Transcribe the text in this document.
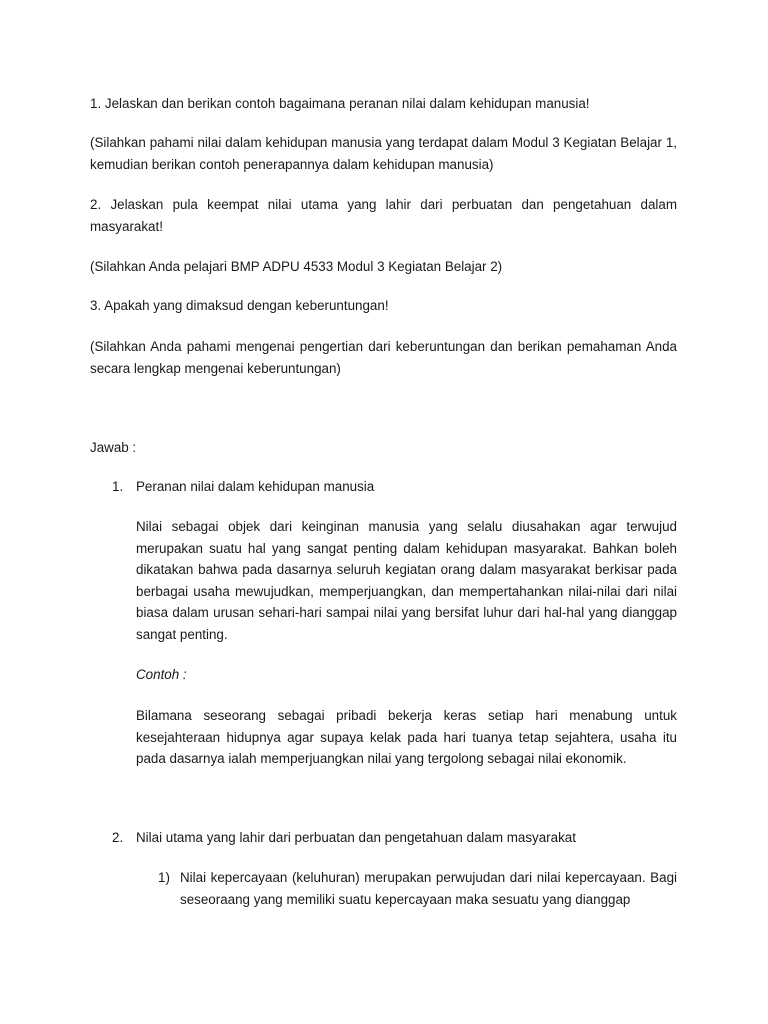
1. Jelaskan dan berikan contoh bagaimana peranan nilai dalam kehidupan manusia!

(Silahkan pahami nilai dalam kehidupan manusia yang terdapat dalam Modul 3 Kegiatan Belajar 1, kemudian berikan contoh penerapannya dalam kehidupan manusia)

2. Jelaskan pula keempat nilai utama yang lahir dari perbuatan dan pengetahuan dalam masyarakat!

(Silahkan Anda pelajari BMP ADPU 4533 Modul 3 Kegiatan Belajar 2)

3. Apakah yang dimaksud dengan keberuntungan!

(Silahkan Anda pahami mengenai pengertian dari keberuntungan dan berikan pemahaman Anda secara lengkap mengenai keberuntungan)

Jawab :

1. Peranan nilai dalam kehidupan manusia

Nilai sebagai objek dari keinginan manusia yang selalu diusahakan agar terwujud merupakan suatu hal yang sangat penting dalam kehidupan masyarakat. Bahkan boleh dikatakan bahwa pada dasarnya seluruh kegiatan orang dalam masyarakat berkisar pada berbagai usaha mewujudkan, memperjuangkan, dan mempertahankan nilai-nilai dari nilai biasa dalam urusan sehari-hari sampai nilai yang bersifat luhur dari hal-hal yang dianggap sangat penting.

Contoh :

Bilamana seseorang sebagai pribadi bekerja keras setiap hari menabung untuk kesejahteraan hidupnya agar supaya kelak pada hari tuanya tetap sejahtera, usaha itu pada dasarnya ialah memperjuangkan nilai yang tergolong sebagai nilai ekonomik.

2. Nilai utama yang lahir dari perbuatan dan pengetahuan dalam masyarakat
1) Nilai kepercayaan (keluhuran) merupakan perwujudan dari nilai kepercayaan. Bagi seseoraang yang memiliki suatu kepercayaan maka sesuatu yang dianggap
